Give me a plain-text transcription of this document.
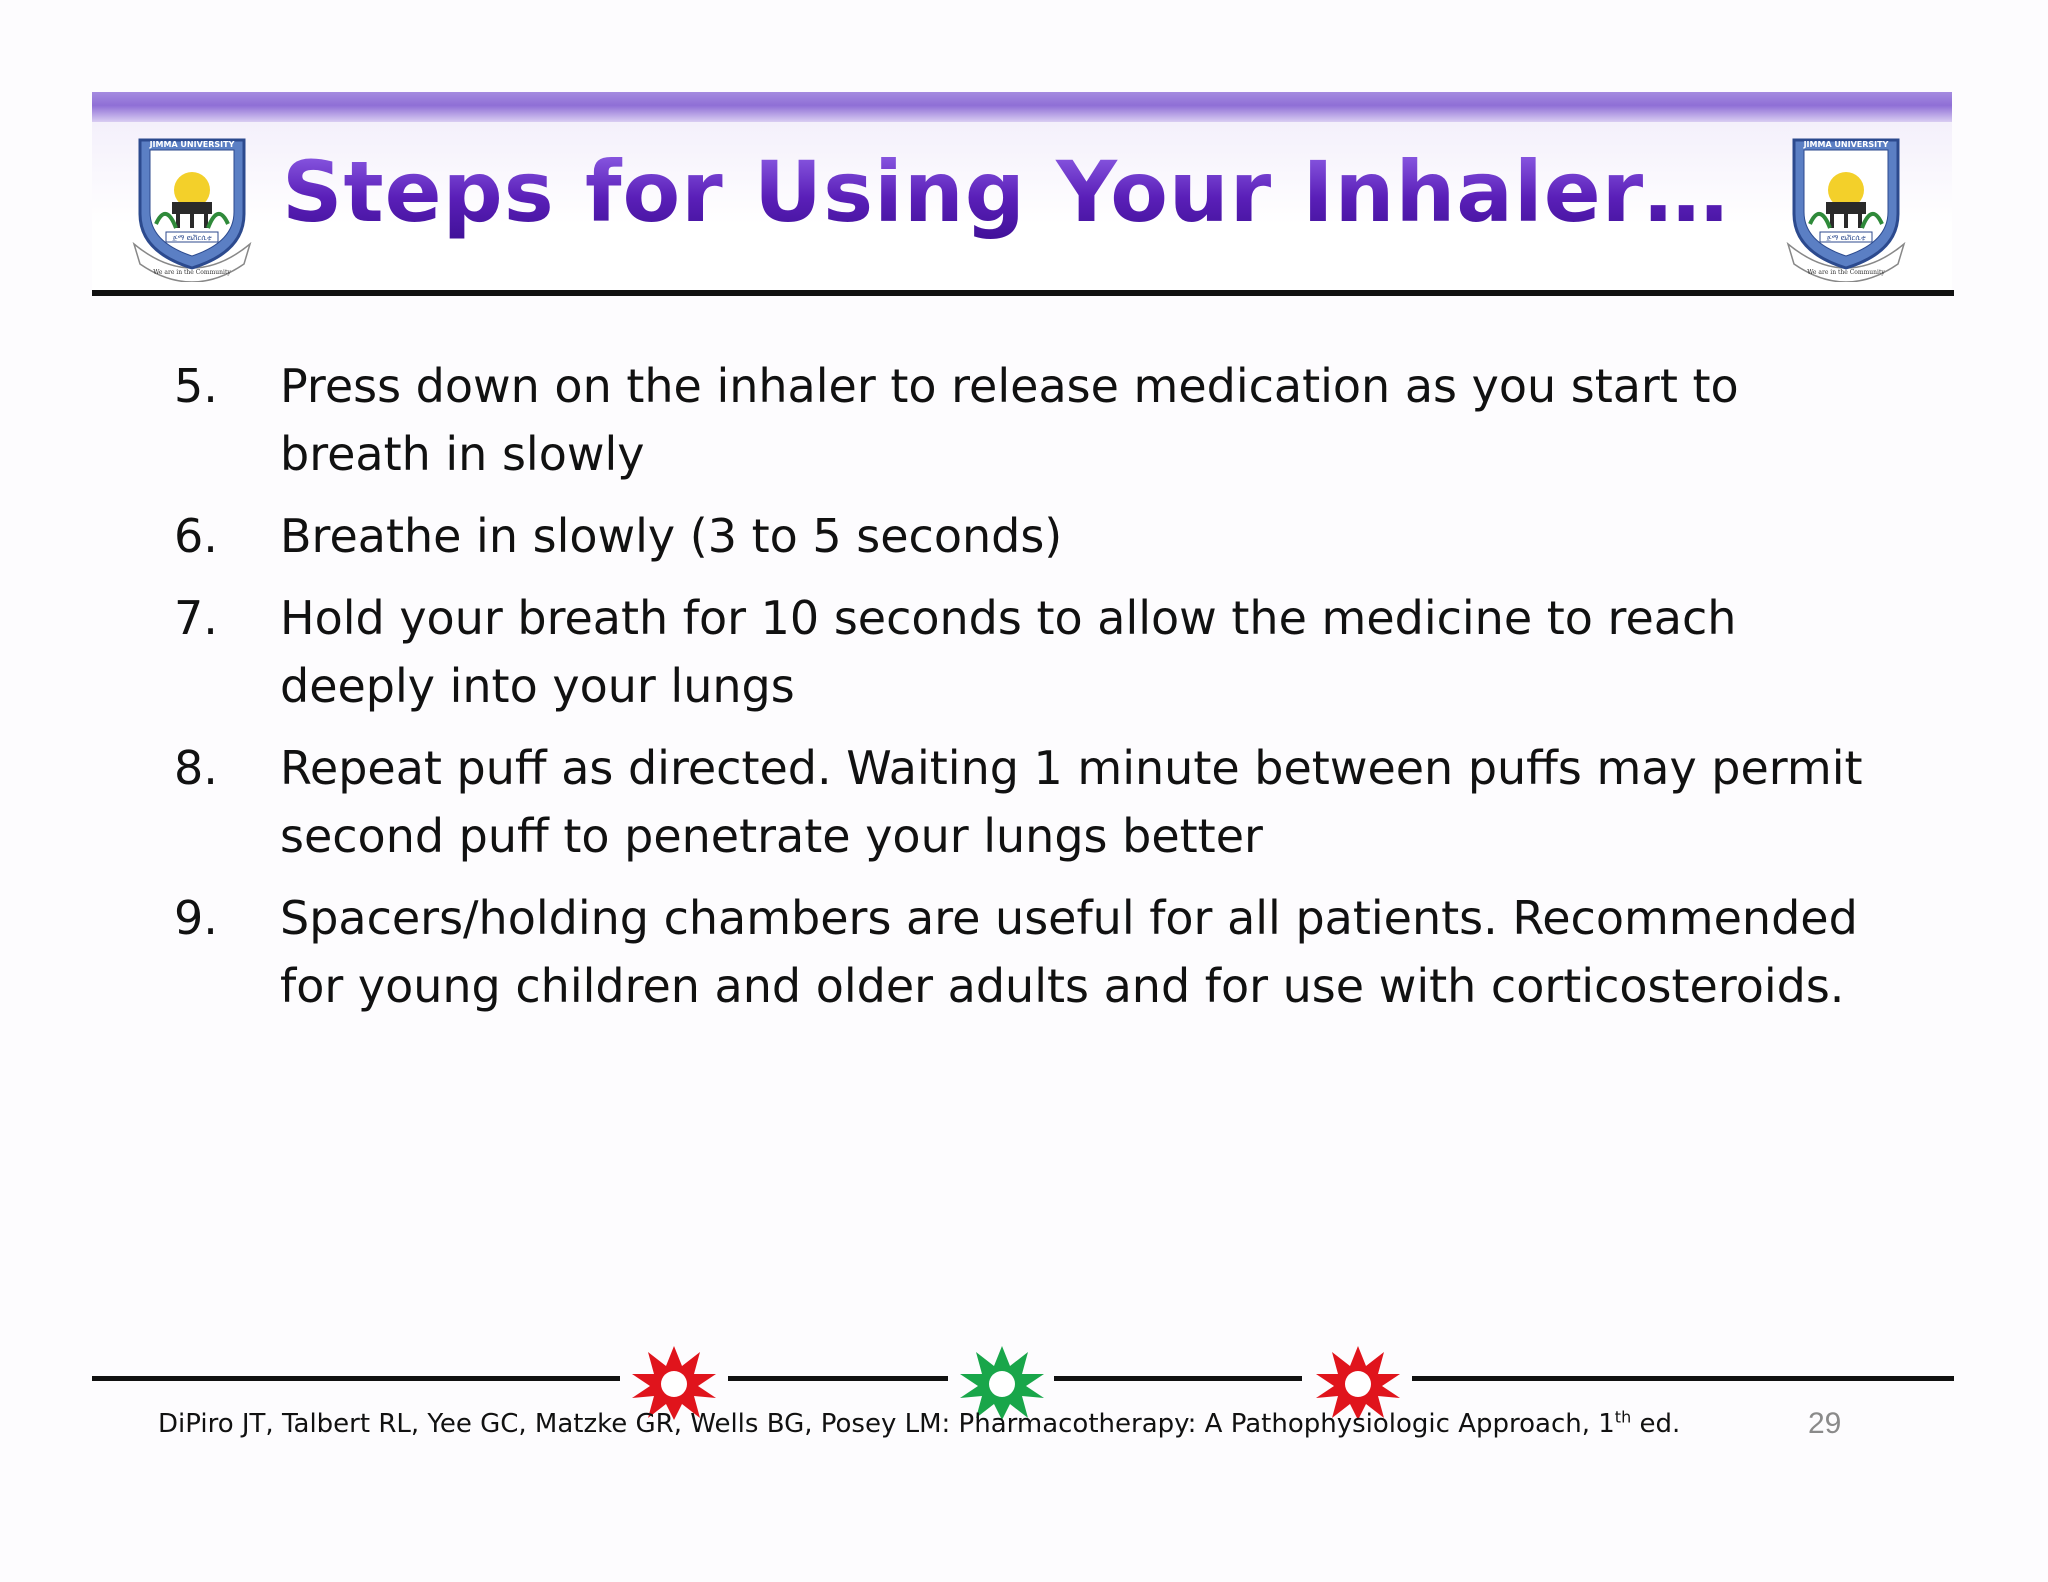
ጅማ ዩኒቨርሲቲ
JIMMA UNIVERSITY
We are in the Community
Steps for Using Your Inhaler…	ጅማ ዩኒቨርሲቲ
JIMMA UNIVERSITY
We are in the Community
5. Press down on the inhaler to release medication as you start to breath in slowly
6. Breathe in slowly (3 to 5 seconds)
7. Hold your breath for 10 seconds to allow the medicine to reach deeply into your lungs
8. Repeat puff as directed. Waiting 1 minute between puffs may permit second puff to penetrate your lungs better
9. Spacers/holding chambers are useful for all patients. Recommended for young children and older adults and for use with corticosteroids.
DiPiro JT, Talbert RL, Yee GC, Matzke GR, Wells BG, Posey LM: Pharmacotherapy: A Pathophysiologic Approach, 1th ed.	29
